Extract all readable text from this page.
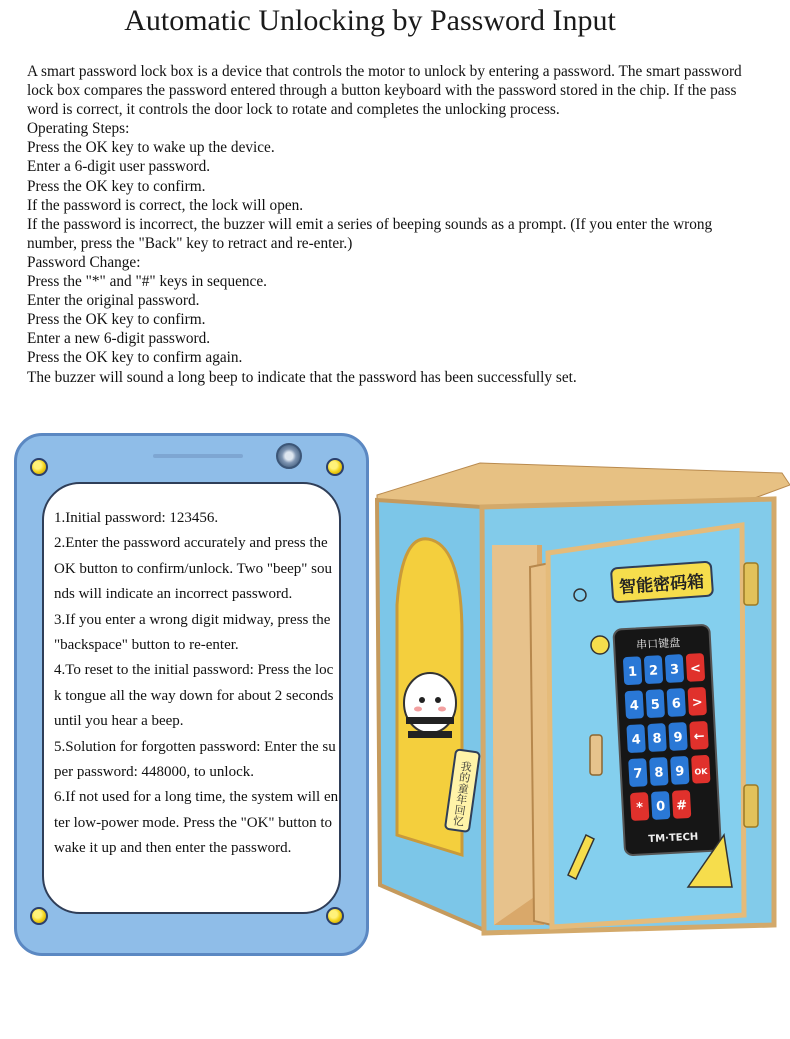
Automatic Unlocking by Password Input

A smart password lock box is a device that controls the motor to unlock by entering a password. The smart password lock box compares the password entered through a button keyboard with the password stored in the chip. If the password is correct, it controls the door lock to rotate and completes the unlocking process.

Operating Steps:

Press the OK key to wake up the device.

Enter a 6-digit user password.

Press the OK key to confirm.

If the password is correct, the lock will open.

If the password is incorrect, the buzzer will emit a series of beeping sounds as a prompt. (If you enter the wrong number, press the "Back" key to retract and re-enter.)

Password Change:

Press the "*" and "#" keys in sequence.

Enter the original password.

Press the OK key to confirm.

Enter a new 6-digit password.

Press the OK key to confirm again.

The buzzer will sound a long beep to indicate that the password has been successfully set.

1.Initial password: 123456.

2.Enter the password accurately and press the OK button to confirm/unlock. Two "beep" sounds will indicate an incorrect password.

3.If you enter a wrong digit midway, press the "backspace" button to re-enter.

4.To reset to the initial password: Press the lock tongue all the way down for about 2 seconds until you hear a beep.

5.Solution for forgotten password: Enter the super password: 448000, to unlock.

6.If not used for a long time, the system will enter low-power mode. Press the "OK" button to wake it up and then enter the password.

我的童年回忆
智能密码箱
串口键盘
1 2 3 <
4 5 6 >
4 8 9 ←
7 8 9 OK
* 0 #
TM·TECH
